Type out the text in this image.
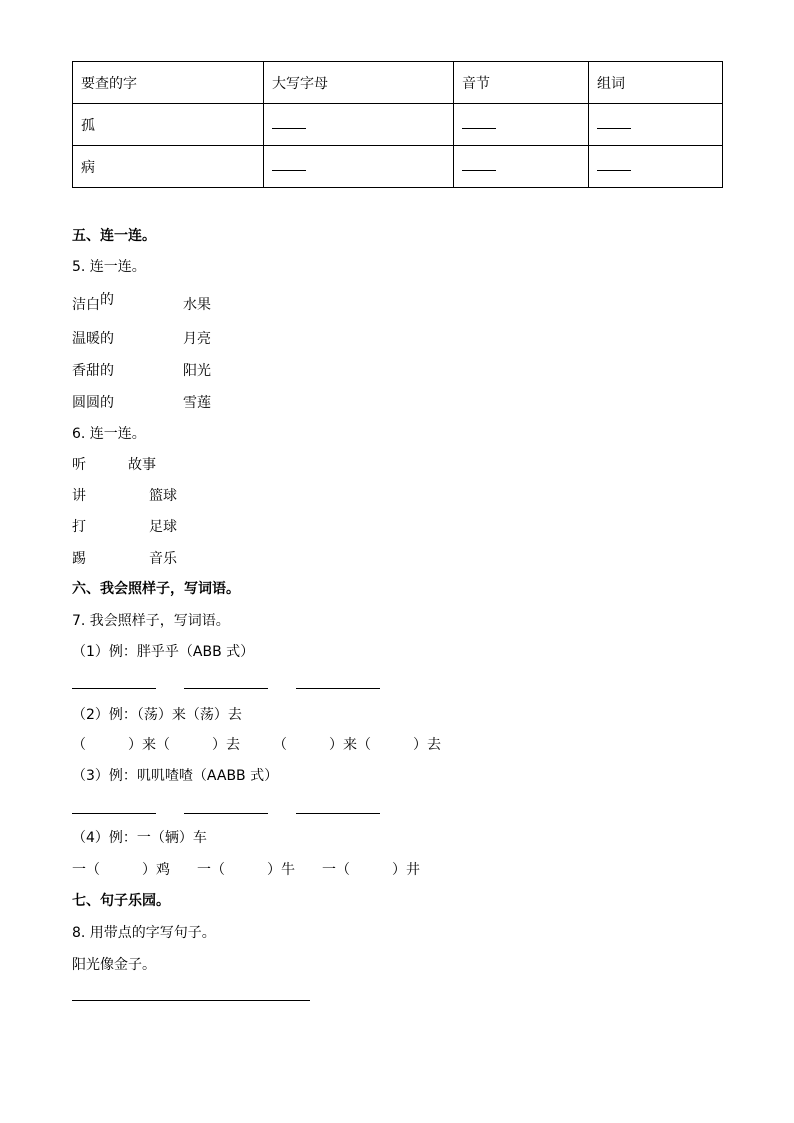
要查的字	大写字母	音节	组词
孤			
病			
五、连一连。
5. 连一连。
洁白的
温暖的
香甜的
圆圆的
水果
月亮
阳光
雪莲
6. 连一连。
听
讲
打
踢
故事
篮球
足球
音乐
六、我会照样子，写词语。
7. 我会照样子，写词语。
（1）例：胖乎乎（ABB 式）
（2）例：（荡）来（荡）去
（　　　）来（　　　）去 （　　　）来（　　　）去
（3）例：叽叽喳喳（AABB 式）
（4）例：一（辆）车
一（　　　）鸡 一（　　　）牛 一（　　　）井
七、句子乐园。
8. 用带点的字写句子。
阳光像金子。
